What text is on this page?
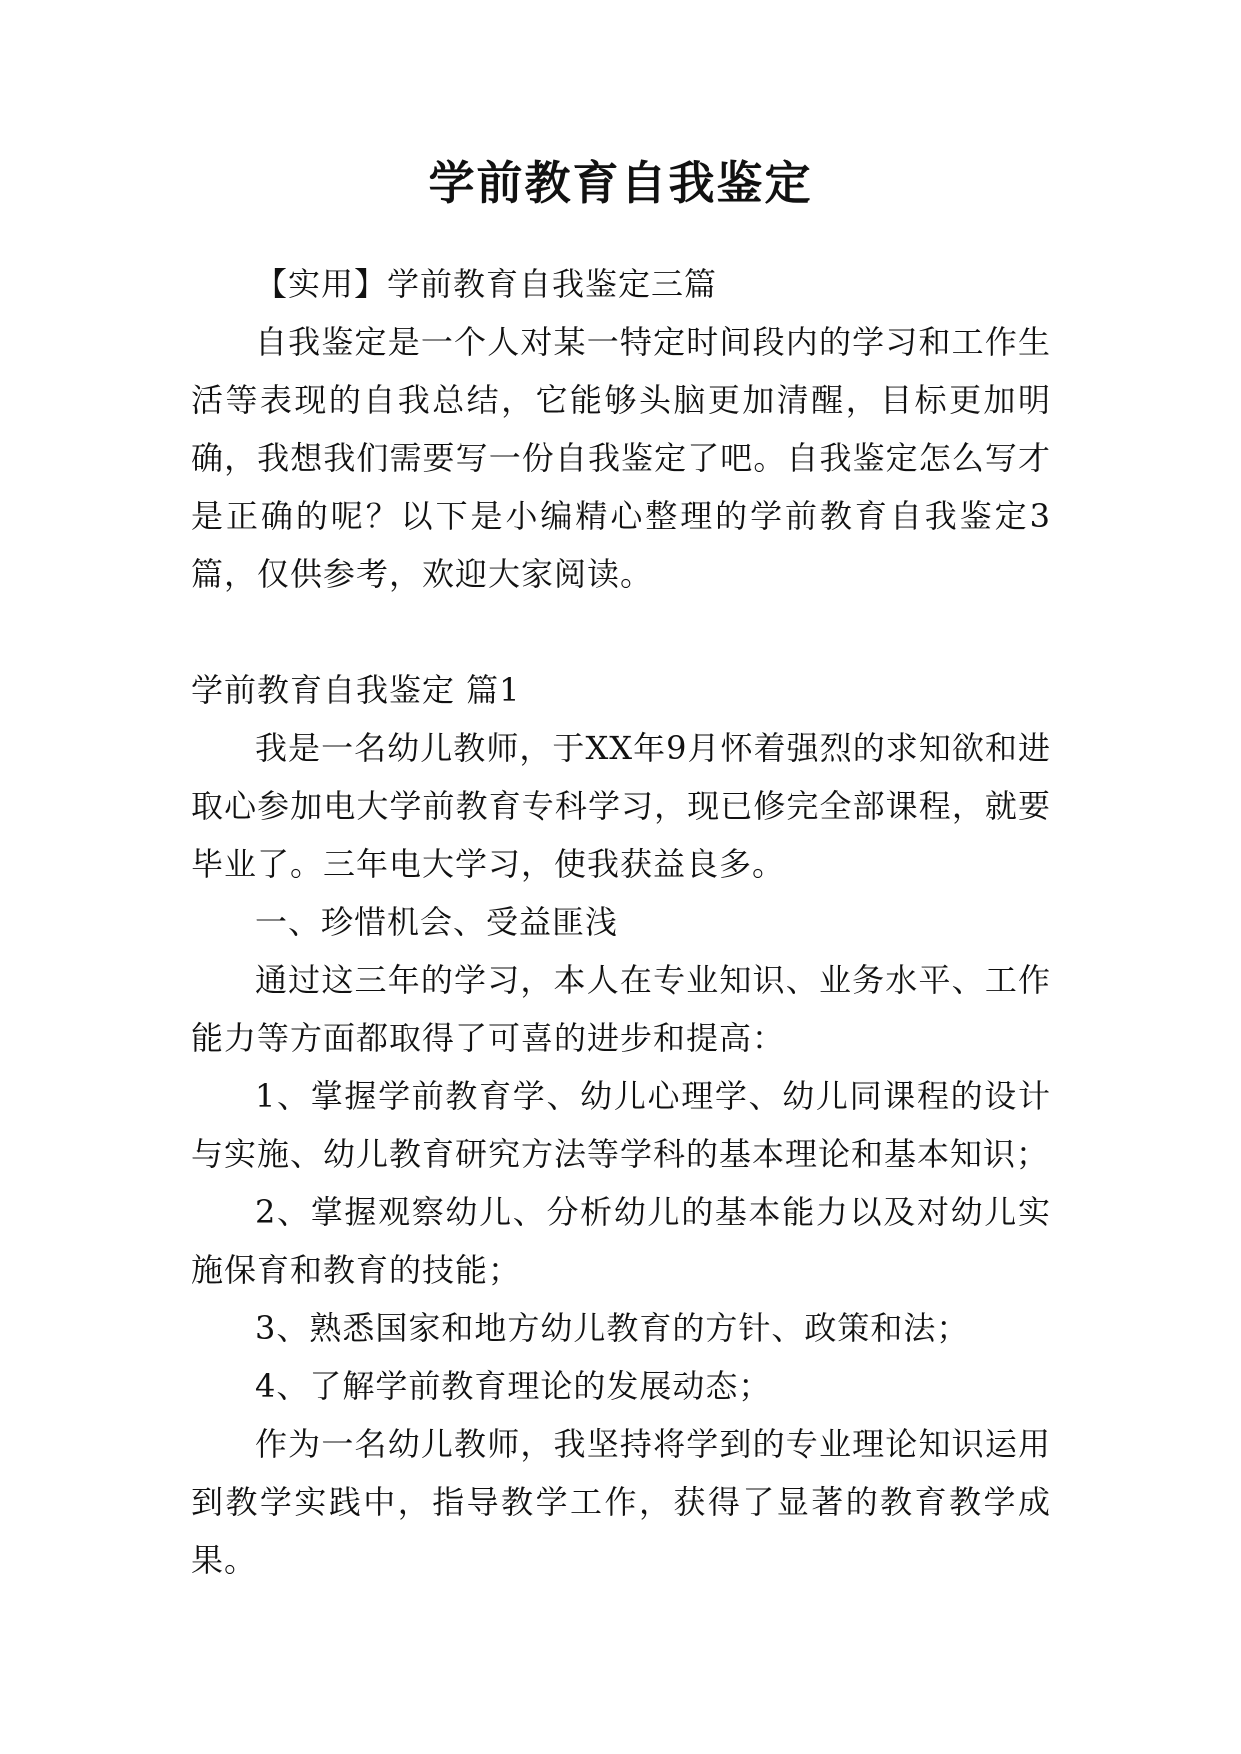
学前教育自我鉴定

【实用】学前教育自我鉴定三篇

自我鉴定是一个人对某一特定时间段内的学习和工作生活等表现的自我总结，它能够头脑更加清醒，目标更加明确，我想我们需要写一份自我鉴定了吧。自我鉴定怎么写才是正确的呢？以下是小编精心整理的学前教育自我鉴定3篇，仅供参考，欢迎大家阅读。

学前教育自我鉴定 篇1

我是一名幼儿教师，于XX年9月怀着强烈的求知欲和进取心参加电大学前教育专科学习，现已修完全部课程，就要毕业了。三年电大学习，使我获益良多。

一、珍惜机会、受益匪浅

通过这三年的学习，本人在专业知识、业务水平、工作能力等方面都取得了可喜的进步和提高：

1、掌握学前教育学、幼儿心理学、幼儿同课程的设计与实施、幼儿教育研究方法等学科的基本理论和基本知识；

2、掌握观察幼儿、分析幼儿的基本能力以及对幼儿实施保育和教育的技能；

3、熟悉国家和地方幼儿教育的方针、政策和法；

4、了解学前教育理论的发展动态；

作为一名幼儿教师，我坚持将学到的专业理论知识运用到教学实践中，指导教学工作，获得了显著的教育教学成果。
